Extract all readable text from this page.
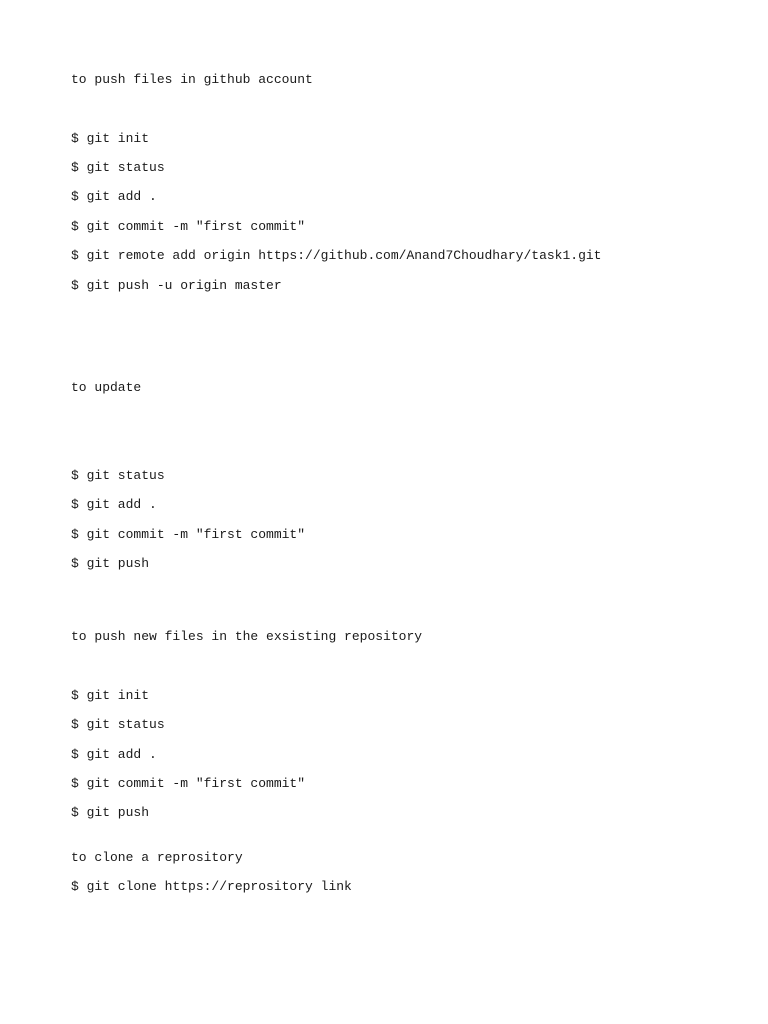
to push files in github account
$ git init
$ git status
$ git add .
$ git commit -m "first commit"
$ git remote add origin https://github.com/Anand7Choudhary/task1.git
$ git push -u origin master
to update
$ git status
$ git add .
$ git commit -m "first commit"
$ git push
to push new files in the exsisting repository
$ git init
$ git status
$ git add .
$ git commit -m "first commit"
$ git push
to clone a reprository
$ git clone https://reprository link
